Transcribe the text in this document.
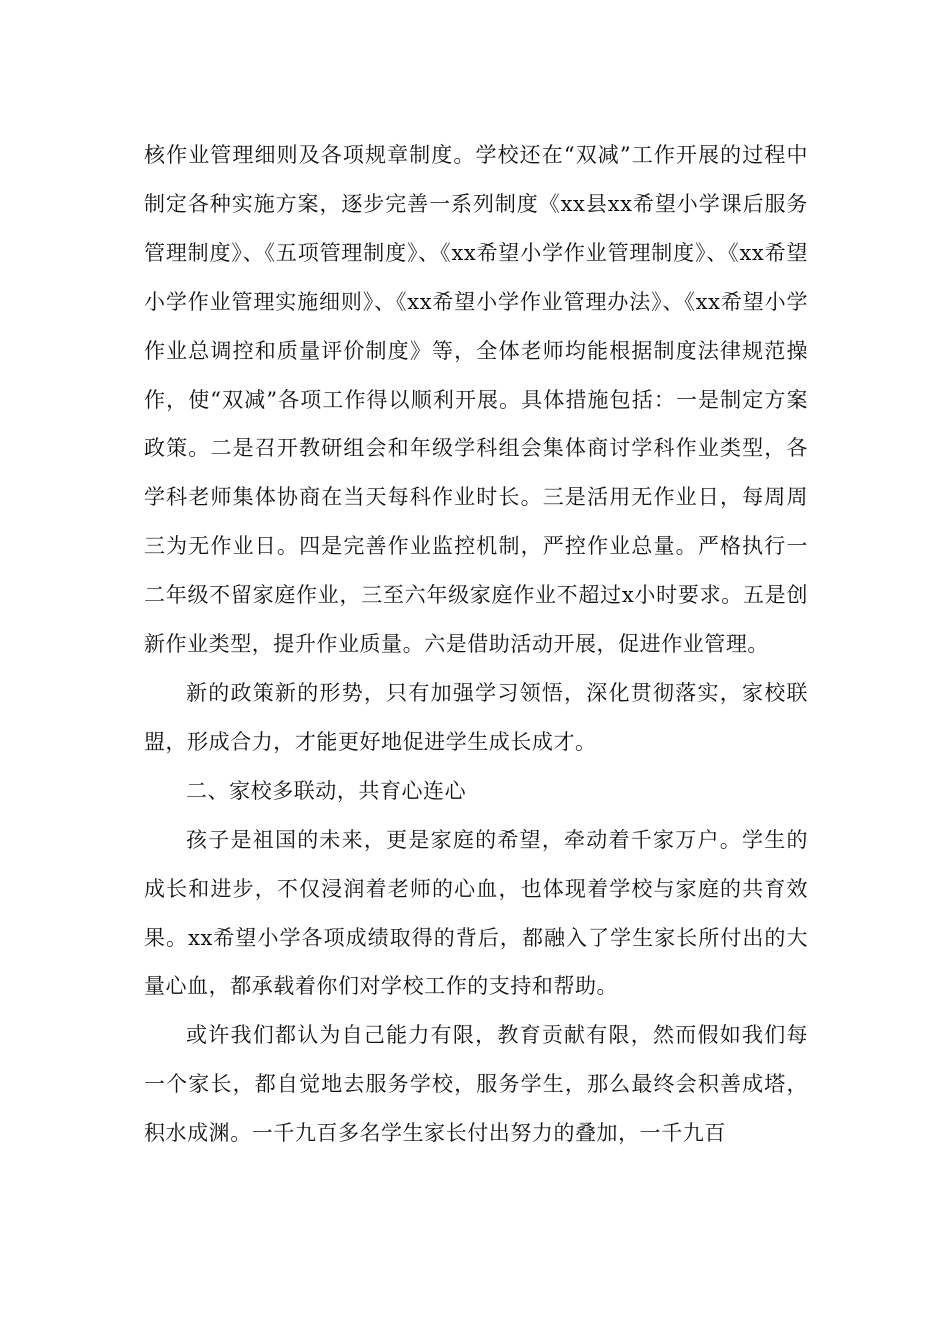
核作业管理细则及各项规章制度。学校还在“双减”工作开展的过程中制定各种实施方案，逐步完善一系列制度《xx县xx希望小学课后服务管理制度》、《五项管理制度》、《xx希望小学作业管理制度》、《xx希望小学作业管理实施细则》、《xx希望小学作业管理办法》、《xx希望小学作业总调控和质量评价制度》等，全体老师均能根据制度法律规范操作，使“双减”各项工作得以顺利开展。具体措施包括：一是制定方案政策。二是召开教研组会和年级学科组会集体商讨学科作业类型，各学科老师集体协商在当天每科作业时长。三是活用无作业日，每周周三为无作业日。四是完善作业监控机制，严控作业总量。严格执行一二年级不留家庭作业，三至六年级家庭作业不超过x小时要求。五是创新作业类型，提升作业质量。六是借助活动开展，促进作业管理。

新的政策新的形势，只有加强学习领悟，深化贯彻落实，家校联盟，形成合力，才能更好地促进学生成长成才。

二、家校多联动，共育心连心

孩子是祖国的未来，更是家庭的希望，牵动着千家万户。学生的成长和进步，不仅浸润着老师的心血，也体现着学校与家庭的共育效果。xx希望小学各项成绩取得的背后，都融入了学生家长所付出的大量心血，都承载着你们对学校工作的支持和帮助。

或许我们都认为自己能力有限，教育贡献有限，然而假如我们每一个家长，都自觉地去服务学校，服务学生，那么最终会积善成塔，积水成渊。一千九百多名学生家长付出努力的叠加，一千九百
